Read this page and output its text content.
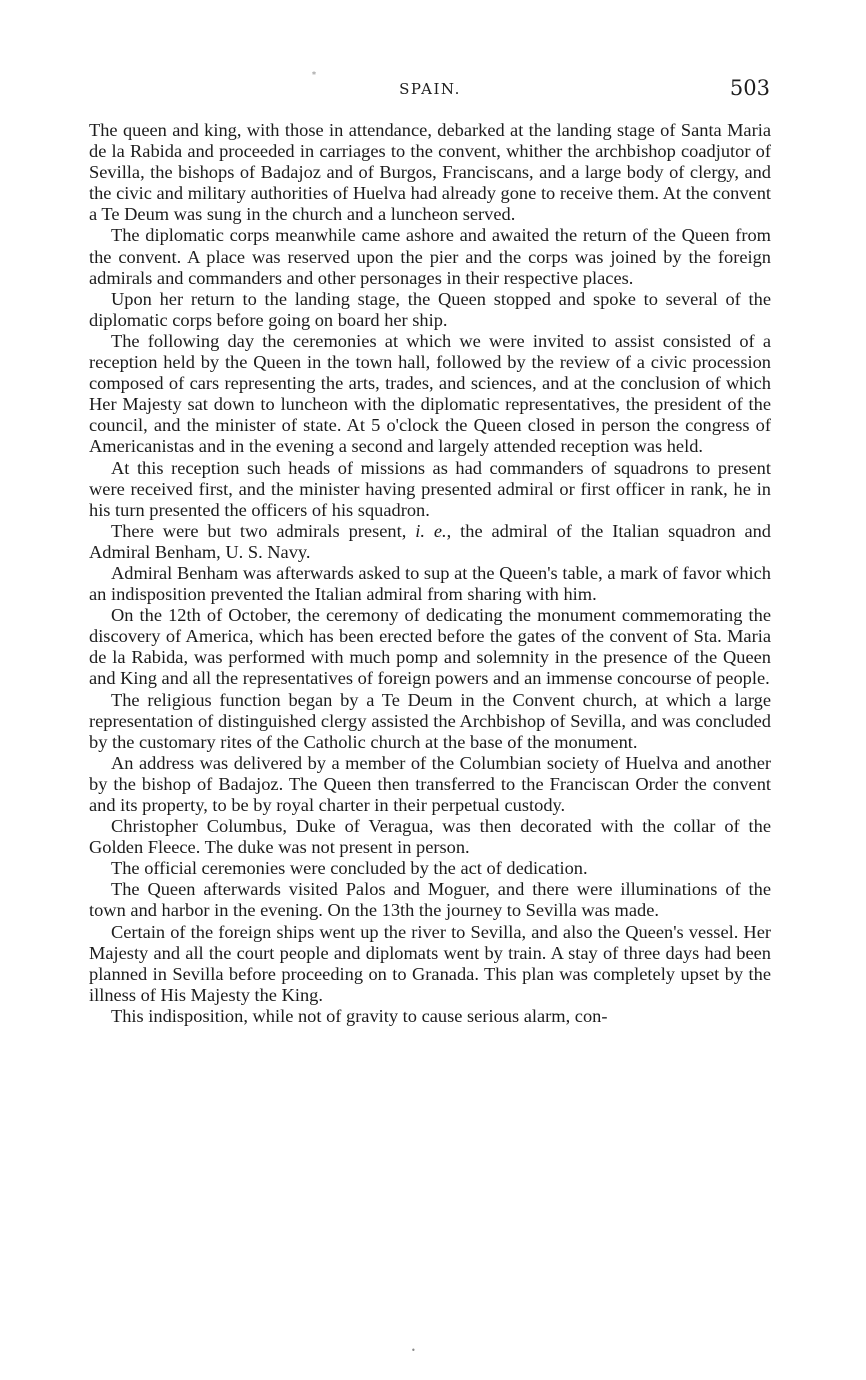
⁎
SPAIN.	503

The queen and king, with those in attendance, debarked at the landing stage of Santa Maria de la Rabida and proceeded in carriages to the convent, whither the archbishop coadjutor of Sevilla, the bishops of Badajoz and of Burgos, Franciscans, and a large body of clergy, and the civic and military authorities of Huelva had already gone to receive them. At the convent a Te Deum was sung in the church and a luncheon served.

The diplomatic corps meanwhile came ashore and awaited the return of the Queen from the convent. A place was reserved upon the pier and the corps was joined by the foreign admirals and commanders and other personages in their respective places.

Upon her return to the landing stage, the Queen stopped and spoke to several of the diplomatic corps before going on board her ship.

The following day the ceremonies at which we were invited to assist consisted of a reception held by the Queen in the town hall, followed by the review of a civic procession composed of cars representing the arts, trades, and sciences, and at the conclusion of which Her Majesty sat down to luncheon with the diplomatic representatives, the president of the council, and the minister of state. At 5 o'clock the Queen closed in person the congress of Americanistas and in the evening a second and largely attended reception was held.

At this reception such heads of missions as had commanders of squadrons to present were received first, and the minister having presented admiral or first officer in rank, he in his turn presented the officers of his squadron.

There were but two admirals present, i. e., the admiral of the Italian squadron and Admiral Benham, U. S. Navy.

Admiral Benham was afterwards asked to sup at the Queen's table, a mark of favor which an indisposition prevented the Italian admiral from sharing with him.

On the 12th of October, the ceremony of dedicating the monument commemorating the discovery of America, which has been erected before the gates of the convent of Sta. Maria de la Rabida, was performed with much pomp and solemnity in the presence of the Queen and King and all the representatives of foreign powers and an immense concourse of people.

The religious function began by a Te Deum in the Convent church, at which a large representation of distinguished clergy assisted the Archbishop of Sevilla, and was concluded by the customary rites of the Catholic church at the base of the monument.

An address was delivered by a member of the Columbian society of Huelva and another by the bishop of Badajoz. The Queen then transferred to the Franciscan Order the convent and its property, to be by royal charter in their perpetual custody.

Christopher Columbus, Duke of Veragua, was then decorated with the collar of the Golden Fleece. The duke was not present in person.

The official ceremonies were concluded by the act of dedication.

The Queen afterwards visited Palos and Moguer, and there were illuminations of the town and harbor in the evening. On the 13th the journey to Sevilla was made.

Certain of the foreign ships went up the river to Sevilla, and also the Queen's vessel. Her Majesty and all the court people and diplomats went by train. A stay of three days had been planned in Sevilla before proceeding on to Granada. This plan was completely upset by the illness of His Majesty the King.

This indisposition, while not of gravity to cause serious alarm, con-

•
